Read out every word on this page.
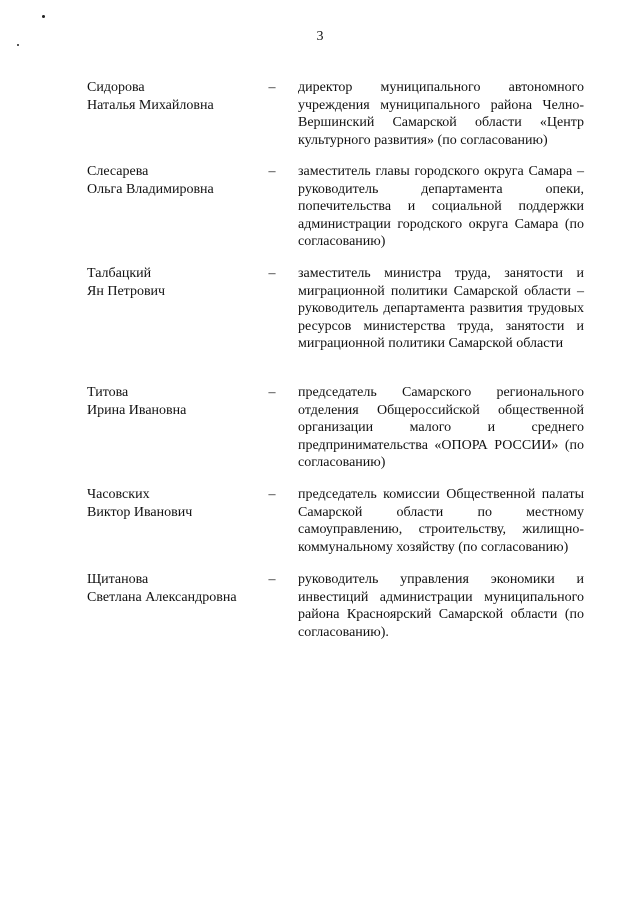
3
Сидорова
Наталья Михайловна
–	директор муниципального автономного учреждения муниципального района Челно-Вершинский Самарской области «Центр культурного развития» (по согласованию)
Слесарева
Ольга Владимировна
–	заместитель главы городского округа Самара – руководитель департамента опеки, попечительства и социальной поддержки администрации городского округа Самара (по согласованию)
Талбацкий
Ян Петрович
–	заместитель министра труда, занятости и миграционной политики Самарской области – руководитель департамента развития трудовых ресурсов министерства труда, занятости и миграционной политики Самарской области
Титова
Ирина Ивановна
–	председатель Самарского регионального отделения Общероссийской общественной организации малого и среднего предпринимательства «ОПОРА РОССИИ» (по согласованию)
Часовских
Виктор Иванович
–	председатель комиссии Общественной палаты Самарской области по местному самоуправлению, строительству, жилищно-коммунальному хозяйству (по согласованию)
Щитанова
Светлана Александровна
–	руководитель управления экономики и инвестиций администрации муниципального района Красноярский Самарской области (по согласованию).
